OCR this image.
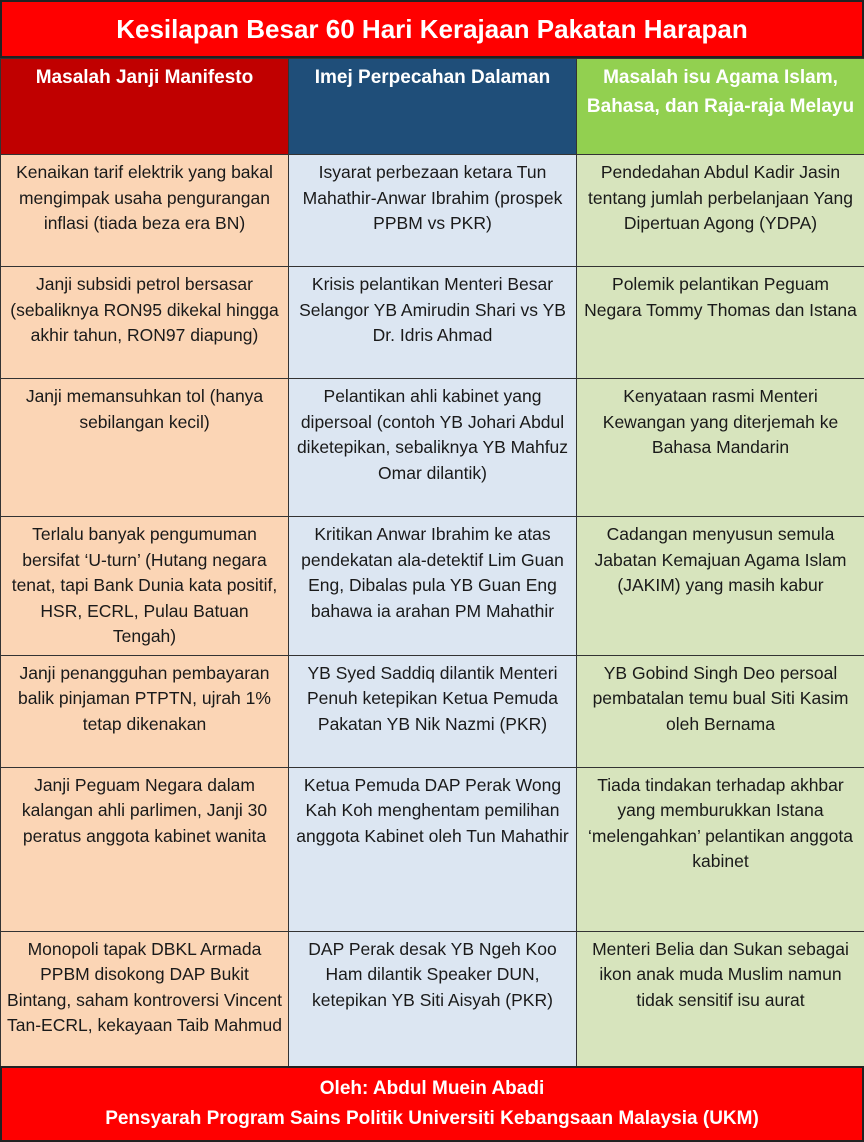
Kesilapan Besar 60 Hari Kerajaan Pakatan Harapan
Masalah Janji Manifesto	Imej Perpecahan Dalaman	Masalah isu Agama Islam, Bahasa, dan Raja-raja Melayu
Kenaikan tarif elektrik yang bakal mengimpak usaha pengurangan inflasi (tiada beza era BN)	Isyarat perbezaan ketara Tun Mahathir-Anwar Ibrahim (prospek PPBM vs PKR)	Pendedahan Abdul Kadir Jasin tentang jumlah perbelanjaan Yang Dipertuan Agong (YDPA)
Janji subsidi petrol bersasar (sebaliknya RON95 dikekal hingga akhir tahun, RON97 diapung)	Krisis pelantikan Menteri Besar Selangor YB Amirudin Shari vs YB Dr. Idris Ahmad	Polemik pelantikan Peguam Negara Tommy Thomas dan Istana
Janji memansuhkan tol (hanya sebilangan kecil)	Pelantikan ahli kabinet yang dipersoal (contoh YB Johari Abdul diketepikan, sebaliknya YB Mahfuz Omar dilantik)	Kenyataan rasmi Menteri Kewangan yang diterjemah ke Bahasa Mandarin
Terlalu banyak pengumuman bersifat ‘U-turn’ (Hutang negara tenat, tapi Bank Dunia kata positif, HSR, ECRL, Pulau Batuan Tengah)	Kritikan Anwar Ibrahim ke atas pendekatan ala-detektif Lim Guan Eng, Dibalas pula YB Guan Eng bahawa ia arahan PM Mahathir	Cadangan menyusun semula Jabatan Kemajuan Agama Islam (JAKIM) yang masih kabur
Janji penangguhan pembayaran balik pinjaman PTPTN, ujrah 1% tetap dikenakan	YB Syed Saddiq dilantik Menteri Penuh ketepikan Ketua Pemuda Pakatan YB Nik Nazmi (PKR)	YB Gobind Singh Deo persoal pembatalan temu bual Siti Kasim oleh Bernama
Janji Peguam Negara dalam kalangan ahli parlimen, Janji 30 peratus anggota kabinet wanita	Ketua Pemuda DAP Perak Wong Kah Koh menghentam pemilihan anggota Kabinet oleh Tun Mahathir	Tiada tindakan terhadap akhbar yang memburukkan Istana ‘melengahkan’ pelantikan anggota kabinet
Monopoli tapak DBKL Armada PPBM disokong DAP Bukit Bintang, saham kontroversi Vincent Tan-ECRL, kekayaan Taib Mahmud	DAP Perak desak YB Ngeh Koo Ham dilantik Speaker DUN, ketepikan YB Siti Aisyah (PKR)	Menteri Belia dan Sukan sebagai ikon anak muda Muslim namun tidak sensitif isu aurat
Oleh: Abdul Muein Abadi
Pensyarah Program Sains Politik Universiti Kebangsaan Malaysia (UKM)
